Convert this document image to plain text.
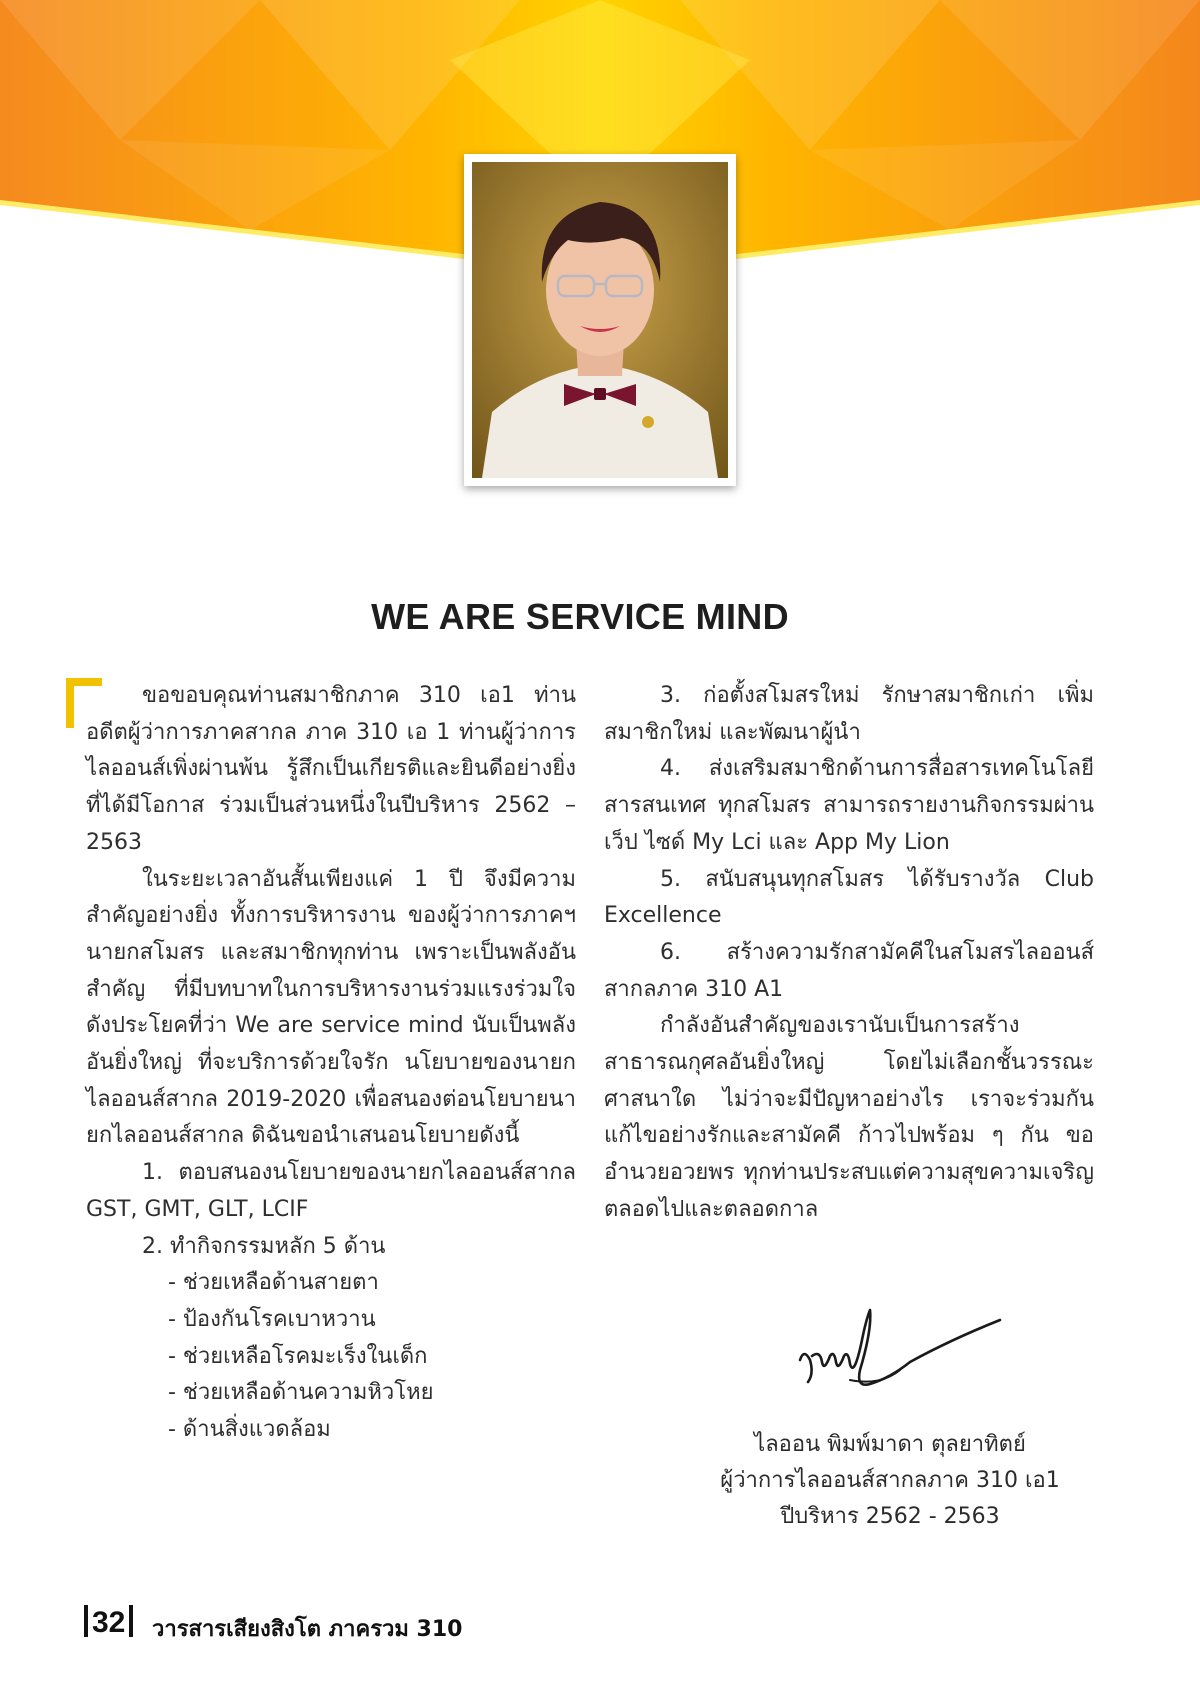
WE ARE SERVICE MIND

ขอขอบคุณท่านสมาชิกภาค 310 เอ1 ท่านอดีตผู้ว่าการภาคสากล ภาค 310 เอ 1 ท่านผู้ว่าการไลออนส์เพิ่งผ่านพ้น รู้สึกเป็นเกียรติและยินดีอย่างยิ่ง ที่ได้มีโอกาส ร่วมเป็นส่วนหนึ่งในปีบริหาร 2562 – 2563

ในระยะเวลาอันสั้นเพียงแค่ 1 ปี จึงมีความสำคัญอย่างยิ่ง ทั้งการบริหารงาน ของผู้ว่าการภาคฯ นายกสโมสร และสมาชิกทุกท่าน เพราะเป็นพลังอันสำคัญ ที่มีบทบาทในการบริหารงานร่วมแรงร่วมใจดังประโยคที่ว่า We are service mind นับเป็นพลังอันยิ่งใหญ่ ที่จะบริการด้วยใจรัก นโยบายของนายกไลออนส์สากล 2019-2020 เพื่อสนองต่อนโยบายนายกไลออนส์สากล ดิฉันขอนำเสนอนโยบายดังนี้

1. ตอบสนองนโยบายของนายกไลออนส์สากล GST, GMT, GLT, LCIF

2. ทำกิจกรรมหลัก 5 ด้าน

- ช่วยเหลือด้านสายตา

- ป้องกันโรคเบาหวาน

- ช่วยเหลือโรคมะเร็งในเด็ก

- ช่วยเหลือด้านความหิวโหย

- ด้านสิ่งแวดล้อม

3. ก่อตั้งสโมสรใหม่ รักษาสมาชิกเก่า เพิ่ม สมาชิกใหม่ และพัฒนาผู้นำ

4. ส่งเสริมสมาชิกด้านการสื่อสารเทคโนโลยีสารสนเทศ ทุกสโมสร สามารถรายงานกิจกรรมผ่านเว็ป ไซด์ My Lci และ App My Lion

5. สนับสนุนทุกสโมสร ได้รับรางวัล Club Excellence

6. สร้างความรักสามัคคีในสโมสรไลออนส์สากลภาค 310 A1

กำลังอันสำคัญของเรานับเป็นการสร้างสาธารณกุศลอันยิ่งใหญ่ โดยไม่เลือกชั้นวรรณะ ศาสนาใด ไม่ว่าจะมีปัญหาอย่างไร เราจะร่วมกันแก้ไขอย่างรักและสามัคคี ก้าวไปพร้อม ๆ กัน ขออำนวยอวยพร ทุกท่านประสบแต่ความสุขความเจริญ ตลอดไปและตลอดกาล

ไลออน พิมพ์มาดา ตุลยาทิตย์
ผู้ว่าการไลออนส์สากลภาค 310 เอ1
ปีบริหาร 2562 - 2563
32	วารสารเสียงสิงโต ภาครวม 310
